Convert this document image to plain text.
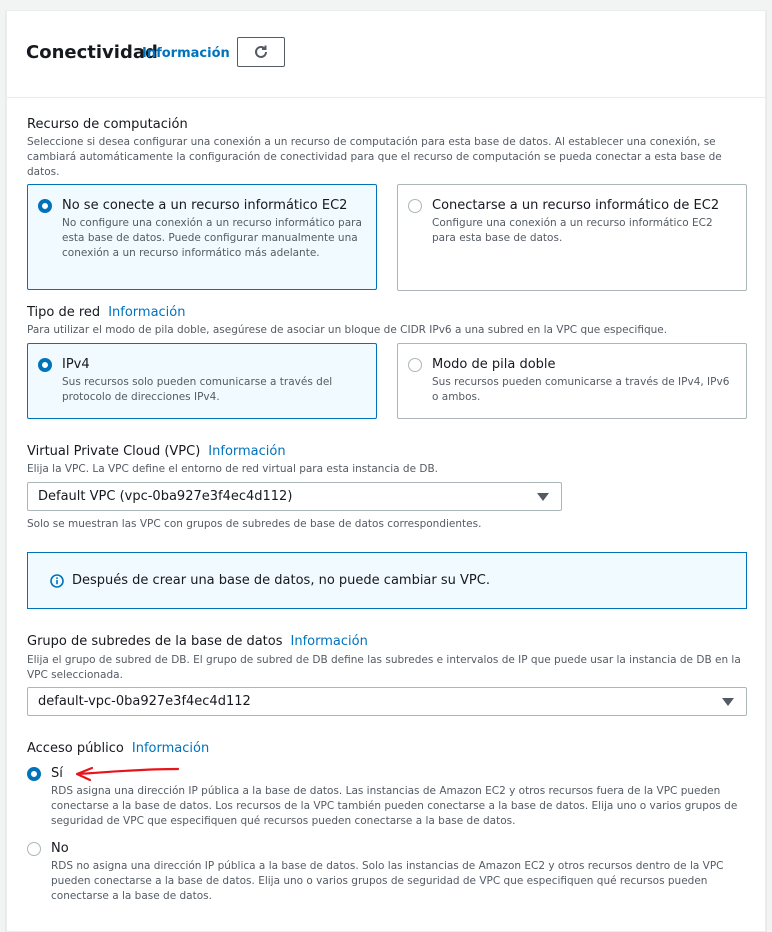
Conectividad
Información
Recurso de computación
Seleccione si desea configurar una conexión a un recurso de computación para esta base de datos. Al establecer una conexión, se cambiará automáticamente la configuración de conectividad para que el recurso de computación se pueda conectar a esta base de datos.
No se conecte a un recurso informático EC2
No configure una conexión a un recurso informático para esta base de datos. Puede configurar manualmente una conexión a un recurso informático más adelante.
Conectarse a un recurso informático de EC2
Configure una conexión a un recurso informático EC2 para esta base de datos.
Tipo de red Información
Para utilizar el modo de pila doble, asegúrese de asociar un bloque de CIDR IPv6 a una subred en la VPC que especifique.
IPv4
Sus recursos solo pueden comunicarse a través del protocolo de direcciones IPv4.
Modo de pila doble
Sus recursos pueden comunicarse a través de IPv4, IPv6 o ambos.
Virtual Private Cloud (VPC) Información
Elija la VPC. La VPC define el entorno de red virtual para esta instancia de DB.
Default VPC (vpc-0ba927e3f4ec4d112)
Solo se muestran las VPC con grupos de subredes de base de datos correspondientes.
Después de crear una base de datos, no puede cambiar su VPC.
Grupo de subredes de la base de datos Información
Elija el grupo de subred de DB. El grupo de subred de DB define las subredes e intervalos de IP que puede usar la instancia de DB en la VPC seleccionada.
default-vpc-0ba927e3f4ec4d112
Acceso público Información
Sí
RDS asigna una dirección IP pública a la base de datos. Las instancias de Amazon EC2 y otros recursos fuera de la VPC pueden conectarse a la base de datos. Los recursos de la VPC también pueden conectarse a la base de datos. Elija uno o varios grupos de seguridad de VPC que especifiquen qué recursos pueden conectarse a la base de datos.
No
RDS no asigna una dirección IP pública a la base de datos. Solo las instancias de Amazon EC2 y otros recursos dentro de la VPC pueden conectarse a la base de datos. Elija uno o varios grupos de seguridad de VPC que especifiquen qué recursos pueden conectarse a la base de datos.
